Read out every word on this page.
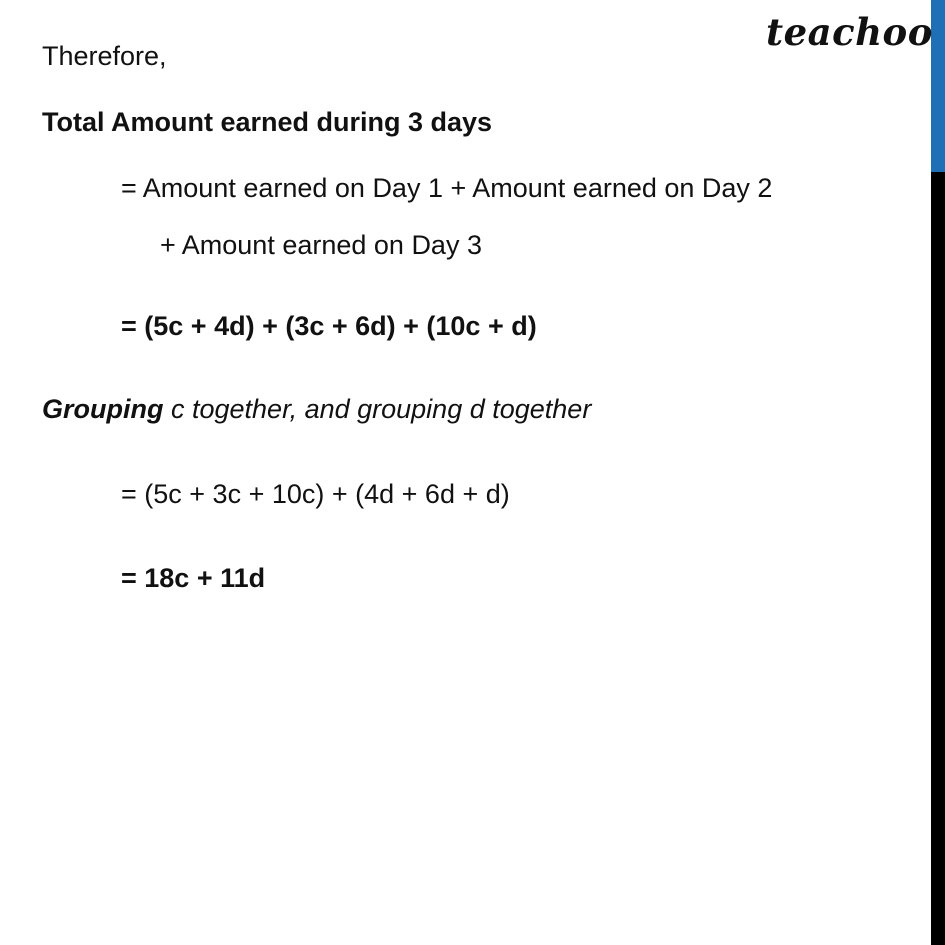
teachoo
Therefore,
Total Amount earned during 3 days
= Amount earned on Day 1 + Amount earned on Day 2
+ Amount earned on Day 3
= (5c + 4d) + (3c + 6d) + (10c + d)
Grouping c together, and grouping d together
= (5c + 3c + 10c) + (4d + 6d + d)
= 18c + 11d
